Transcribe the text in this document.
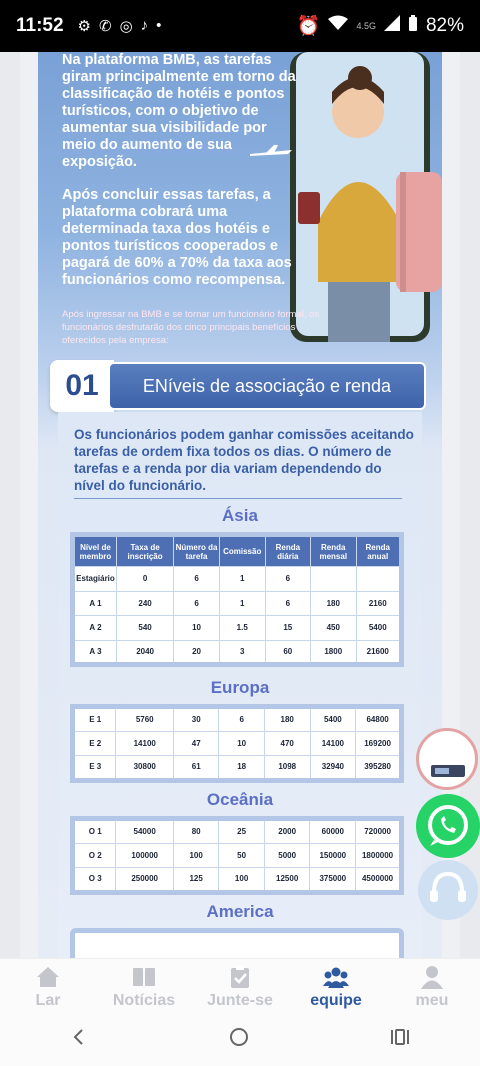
11:52 ⚙ ✆ ◎ ♪ •	⏰	4.5G	82%

Na plataforma BMB, as tarefas giram principalmente em torno da classificação de hotéis e pontos turísticos, com o objetivo de aumentar sua visibilidade por meio do aumento de sua exposição.

Após concluir essas tarefas, a plataforma cobrará uma determinada taxa dos hotéis e pontos turísticos cooperados e pagará de 60% a 70% da taxa aos funcionários como recompensa.

Após ingressar na BMB e se tornar um funcionário formal, os funcionários desfrutarão dos cinco principais benefícios oferecidos pela empresa:
01	ENíveis de associação e renda
Os funcionários podem ganhar comissões aceitando tarefas de ordem fixa todos os dias. O número de tarefas e a renda por dia variam dependendo do nível do funcionário.
Ásia
Nível de membro	Taxa de inscrição	Número da tarefa	Comissão	Renda diária	Renda mensal	Renda anual
Estagiário	0	6	1	6		
A 1	240	6	1	6	180	2160
A 2	540	10	1.5	15	450	5400
A 3	2040	20	3	60	1800	21600
Europa
E 1	5760	30	6	180	5400	64800
E 2	14100	47	10	470	14100	169200
E 3	30800	61	18	1098	32940	395280
Oceânia
O 1	54000	80	25	2000	60000	720000
O 2	100000	100	50	5000	150000	1800000
O 3	250000	125	100	12500	375000	4500000
America
Lar	Notícias Junte-se equipe	meu
